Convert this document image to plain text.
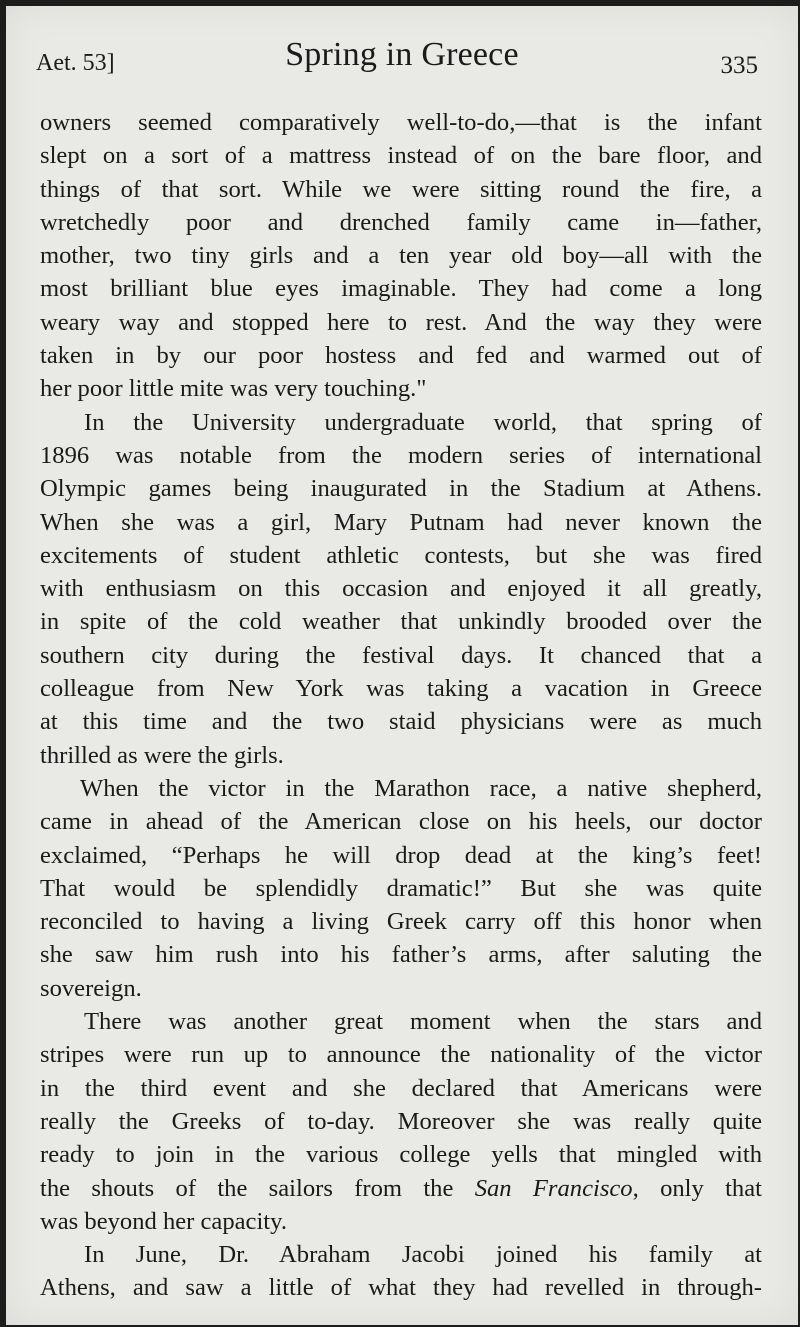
Aet. 53]	Spring in Greece	335
owners seemed comparatively well-to-do,—that is the infant
slept on a sort of a mattress instead of on the bare floor, and
things of that sort. While we were sitting round the fire, a
wretchedly poor and drenched family came in—father,
mother, two tiny girls and a ten year old boy—all with the
most brilliant blue eyes imaginable. They had come a long
weary way and stopped here to rest. And the way they were
taken in by our poor hostess and fed and warmed out of
her poor little mite was very touching."
In the University undergraduate world, that spring of
1896 was notable from the modern series of international
Olympic games being inaugurated in the Stadium at Athens.
When she was a girl, Mary Putnam had never known the
excitements of student athletic contests, but she was fired
with enthusiasm on this occasion and enjoyed it all greatly,
in spite of the cold weather that unkindly brooded over the
southern city during the festival days. It chanced that a
colleague from New York was taking a vacation in Greece
at this time and the two staid physicians were as much
thrilled as were the girls.
When the victor in the Marathon race, a native shepherd,
came in ahead of the American close on his heels, our doctor
exclaimed, “Perhaps he will drop dead at the king’s feet!
That would be splendidly dramatic!” But she was quite
reconciled to having a living Greek carry off this honor when
she saw him rush into his father’s arms, after saluting the
sovereign.
There was another great moment when the stars and
stripes were run up to announce the nationality of the victor
in the third event and she declared that Americans were
really the Greeks of to-day. Moreover she was really quite
ready to join in the various college yells that mingled with
the shouts of the sailors from the San Francisco, only that
was beyond her capacity.
In June, Dr. Abraham Jacobi joined his family at
Athens, and saw a little of what they had revelled in through-
